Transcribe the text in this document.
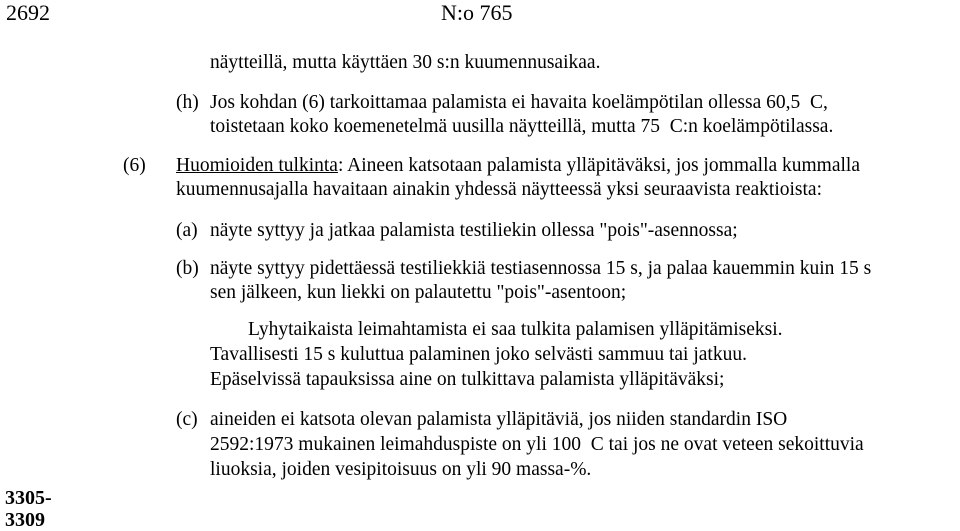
2692	N:o 765
näytteillä, mutta käyttäen 30 s:n kuumennusaikaa.
(h) Jos kohdan (6) tarkoittamaa palamista ei havaita koelämpötilan ollessa 60,5  C,
toistetaan koko koemenetelmä uusilla näytteillä, mutta 75  C:n koelämpötilassa.
(6) Huomioiden tulkinta: Aineen katsotaan palamista ylläpitäväksi, jos jommalla kummalla
kuumennusajalla havaitaan ainakin yhdessä näytteessä yksi seuraavista reaktioista:
(a) näyte syttyy ja jatkaa palamista testiliekin ollessa "pois"-asennossa;
(b) näyte syttyy pidettäessä testiliekkiä testiasennossa 15 s, ja palaa kauemmin kuin 15 s
sen jälkeen, kun liekki on palautettu "pois"-asentoon;
Lyhytaikaista leimahtamista ei saa tulkita palamisen ylläpitämiseksi.
Tavallisesti 15 s kuluttua palaminen joko selvästi sammuu tai jatkuu.
Epäselvissä tapauksissa aine on tulkittava palamista ylläpitäväksi;
(c) aineiden ei katsota olevan palamista ylläpitäviä, jos niiden standardin ISO
2592:1973 mukainen leimahduspiste on yli 100  C tai jos ne ovat veteen sekoittuvia
liuoksia, joiden vesipitoisuus on yli 90 massa-%.
3305-
3309
